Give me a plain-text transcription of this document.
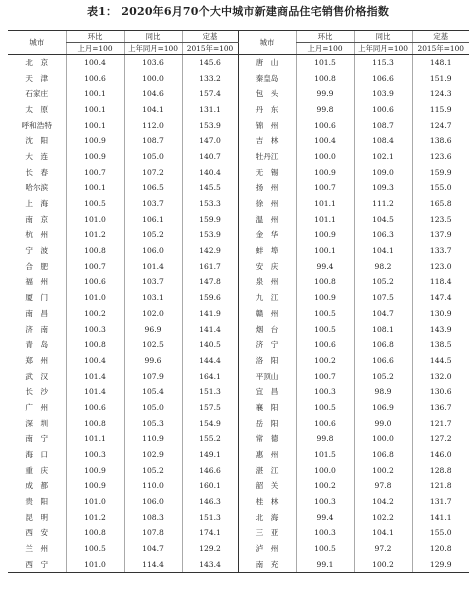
表1： 2020年6月70个大中城市新建商品住宅销售价格指数
城市	环比	同比	定基	城市	环比	同比	定基
	上月=100	上年同月=100	2015年=100		上月=100	上年同月=100	2015年=100
北　京	100.4	103.6	145.6	唐　山	101.5	115.3	148.1
天　津	100.6	100.0	133.2	秦皇岛	100.8	106.6	151.9
石家庄	100.1	104.6	157.4	包　头	99.9	103.9	124.3
太　原	100.1	104.1	131.1	丹　东	99.8	100.6	115.9
呼和浩特	100.1	112.0	153.9	锦　州	100.6	108.7	124.7
沈　阳	100.9	108.7	147.0	吉　林	100.4	108.4	138.6
大　连	100.9	105.0	140.7	牡丹江	100.0	102.1	123.6
长　春	100.7	107.2	140.4	无　锡	100.9	109.0	159.9
哈尔滨	100.1	106.5	145.5	扬　州	100.7	109.3	155.0
上　海	100.5	103.7	153.3	徐　州	101.1	111.2	165.8
南　京	101.0	106.1	159.9	温　州	101.1	104.5	123.5
杭　州	101.2	105.2	153.9	金　华	100.9	106.3	137.9
宁　波	100.8	106.0	142.9	蚌　埠	100.1	104.1	133.7
合　肥	100.7	101.4	161.7	安　庆	99.4	98.2	123.0
福　州	100.6	103.7	147.8	泉　州	100.8	105.2	118.4
厦　门	101.0	103.1	159.6	九　江	100.9	107.5	147.4
南　昌	100.2	102.0	141.9	赣　州	100.5	104.7	130.9
济　南	100.3	96.9	141.4	烟　台	100.5	108.1	143.9
青　岛	100.8	102.5	140.5	济　宁	100.6	106.8	138.5
郑　州	100.4	99.6	144.4	洛　阳	100.2	106.6	144.5
武　汉	101.4	107.9	164.1	平顶山	100.7	105.2	132.0
长　沙	101.4	105.4	151.3	宜　昌	100.3	98.9	130.6
广　州	100.6	105.0	157.5	襄　阳	100.5	106.9	136.7
深　圳	100.8	105.3	154.9	岳　阳	100.6	99.0	121.7
南　宁	101.1	110.9	155.2	常　德	99.8	100.0	127.2
海　口	100.3	102.9	149.1	惠　州	101.5	106.8	146.0
重　庆	100.9	105.2	146.6	湛　江	100.0	100.2	128.8
成　都	100.9	110.0	160.1	韶　关	100.2	97.8	121.8
贵　阳	101.0	106.0	146.3	桂　林	100.3	104.2	131.7
昆　明	101.2	108.3	151.3	北　海	99.4	102.2	141.1
西　安	100.8	107.8	174.1	三　亚	100.3	104.1	155.0
兰　州	100.5	104.7	129.2	泸　州	100.5	97.2	120.8
西　宁	101.0	114.4	143.4	南　充	99.1	100.2	129.9
